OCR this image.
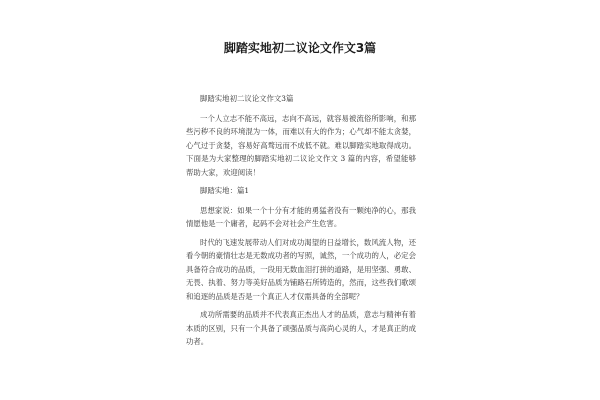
脚踏实地初二议论文作文3篇

脚踏实地初二议论文作文3篇

一个人立志不能不高远，志向不高远，就容易被流俗所影响，和那些污秽不良的环境混为一体，而难以有大的作为；心气却不能太贪婪，心气过于贪婪，容易好高骛远而不成低不就。难以脚踏实地取得成功。下面是为大家整理的脚踏实地初二议论文作文 3 篇的内容，希望能够帮助大家，欢迎阅读！

脚踏实地：篇1

思想家说：如果一个十分有才能的勇猛者没有一颗纯净的心，那我情愿他是一个庸者，起码不会对社会产生危害。

时代的飞速发展带动人们对成功渴望的日益增长，数风流人物，还看今朝的豪情壮志是无数成功者的写照，诚然，一个成功的人，必定会具备符合成功的品质，一段用无数血泪打拼的道路，是用坚强、勇敢、无畏、执着、努力等美好品质为铺路石所铸造的，然而，这些我们歌颂和追逐的品质是否是一个真正人才仅需具备的全部呢？

成功所需要的品质并不代表真正杰出人才的品质，意志与精神有着本质的区别，只有一个具备了顽强品质与高尚心灵的人，才是真正的成功者。
